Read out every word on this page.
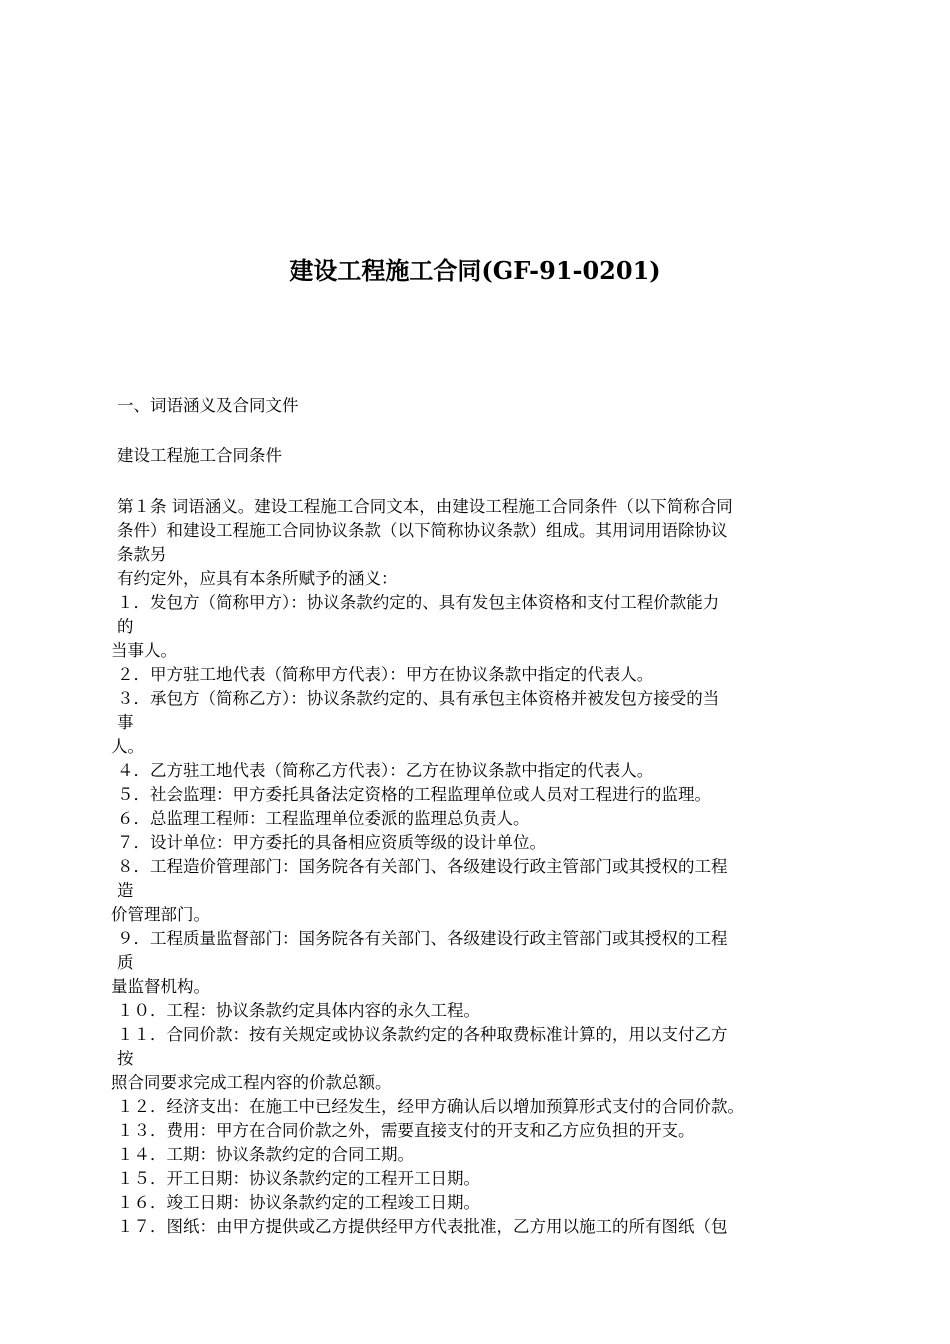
建设工程施工合同(GF-91-0201)

一、词语涵义及合同文件

建设工程施工合同条件

第１条 词语涵义。建设工程施工合同文本，由建设工程施工合同条件（以下简称合同
条件）和建设工程施工合同协议条款（以下简称协议条款）组成。其用词用语除协议
条款另
有约定外，应具有本条所赋予的涵义：
１．发包方（简称甲方）：协议条款约定的、具有发包主体资格和支付工程价款能力
的
当事人。
２．甲方驻工地代表（简称甲方代表）：甲方在协议条款中指定的代表人。
３．承包方（简称乙方）：协议条款约定的、具有承包主体资格并被发包方接受的当
事
人。
４．乙方驻工地代表（简称乙方代表）：乙方在协议条款中指定的代表人。
５．社会监理：甲方委托具备法定资格的工程监理单位或人员对工程进行的监理。
６．总监理工程师：工程监理单位委派的监理总负责人。
７．设计单位：甲方委托的具备相应资质等级的设计单位。
８．工程造价管理部门：国务院各有关部门、各级建设行政主管部门或其授权的工程
造
价管理部门。
９．工程质量监督部门：国务院各有关部门、各级建设行政主管部门或其授权的工程
质
量监督机构。
１０．工程：协议条款约定具体内容的永久工程。
１１．合同价款：按有关规定或协议条款约定的各种取费标准计算的，用以支付乙方
按
照合同要求完成工程内容的价款总额。
１２．经济支出：在施工中已经发生，经甲方确认后以增加预算形式支付的合同价款。
１３．费用：甲方在合同价款之外，需要直接支付的开支和乙方应负担的开支。
１４．工期：协议条款约定的合同工期。
１５．开工日期：协议条款约定的工程开工日期。
１６．竣工日期：协议条款约定的工程竣工日期。
１７．图纸：由甲方提供或乙方提供经甲方代表批准，乙方用以施工的所有图纸（包
